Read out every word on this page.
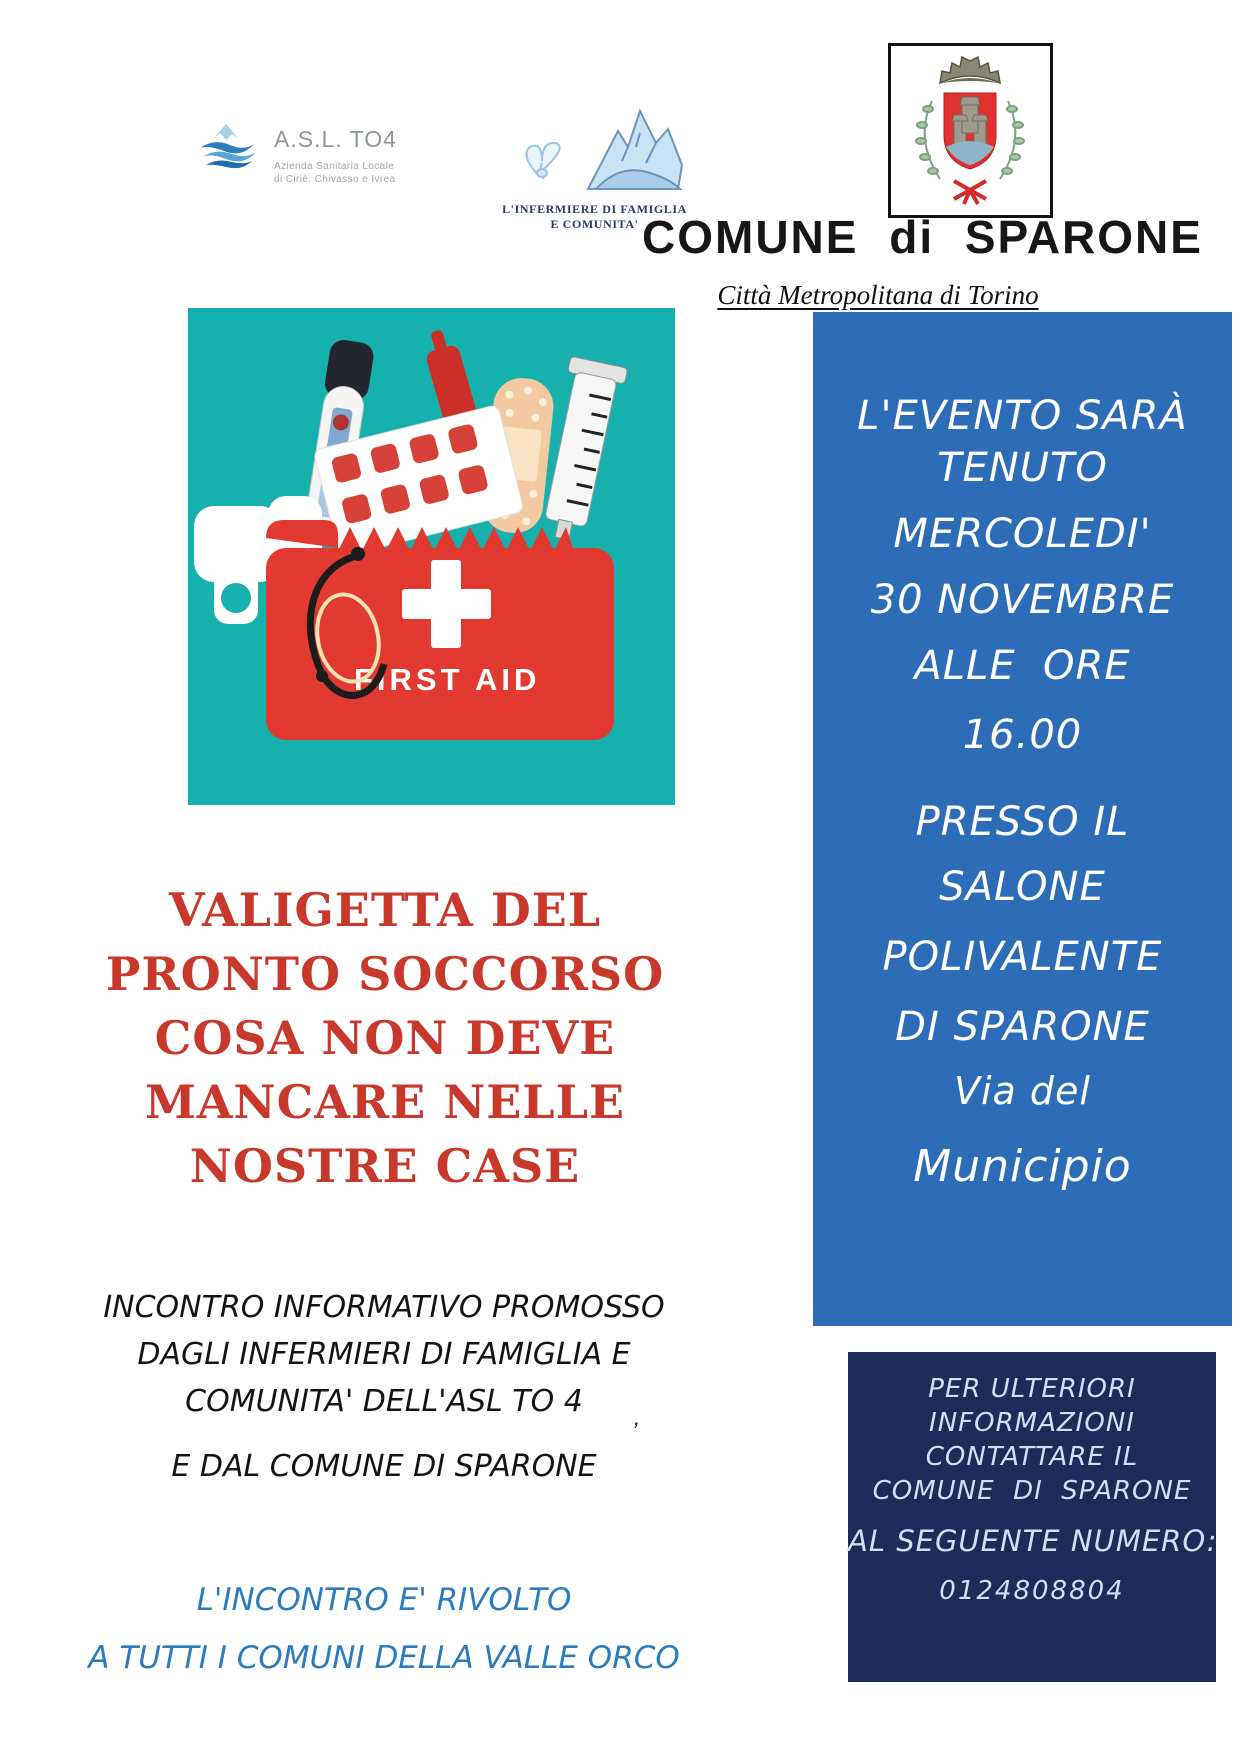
A.S.L. TO4
Azienda Sanitaria Locale
di Ciriè, Chivasso e Ivrea
L'INFERMIERE DI FAMIGLIA
E COMUNITA' COMUNE di SPARONE
Città Metropolitana di Torino
FIRST AID
VALIGETTA DEL
PRONTO SOCCORSO
COSA NON DEVE
MANCARE NELLE
NOSTRE CASE
INCONTRO INFORMATIVO PROMOSSO
DAGLI INFERMIERI DI FAMIGLIA E
COMUNITA' DELL'ASL TO 4
E DAL COMUNE DI SPARONE
’
L'INCONTRO E' RIVOLTO
A TUTTI I COMUNI DELLA VALLE ORCO
L'EVENTO SARÀ
TENUTO
MERCOLEDI'
30 NOVEMBRE
ALLE  ORE
16.00
PRESSO IL
SALONE
POLIVALENTE
DI SPARONE
Via del
Municipio
PER ULTERIORI
INFORMAZIONI
CONTATTARE IL
COMUNE  DI  SPARONE
AL SEGUENTE NUMERO:
0124808804
